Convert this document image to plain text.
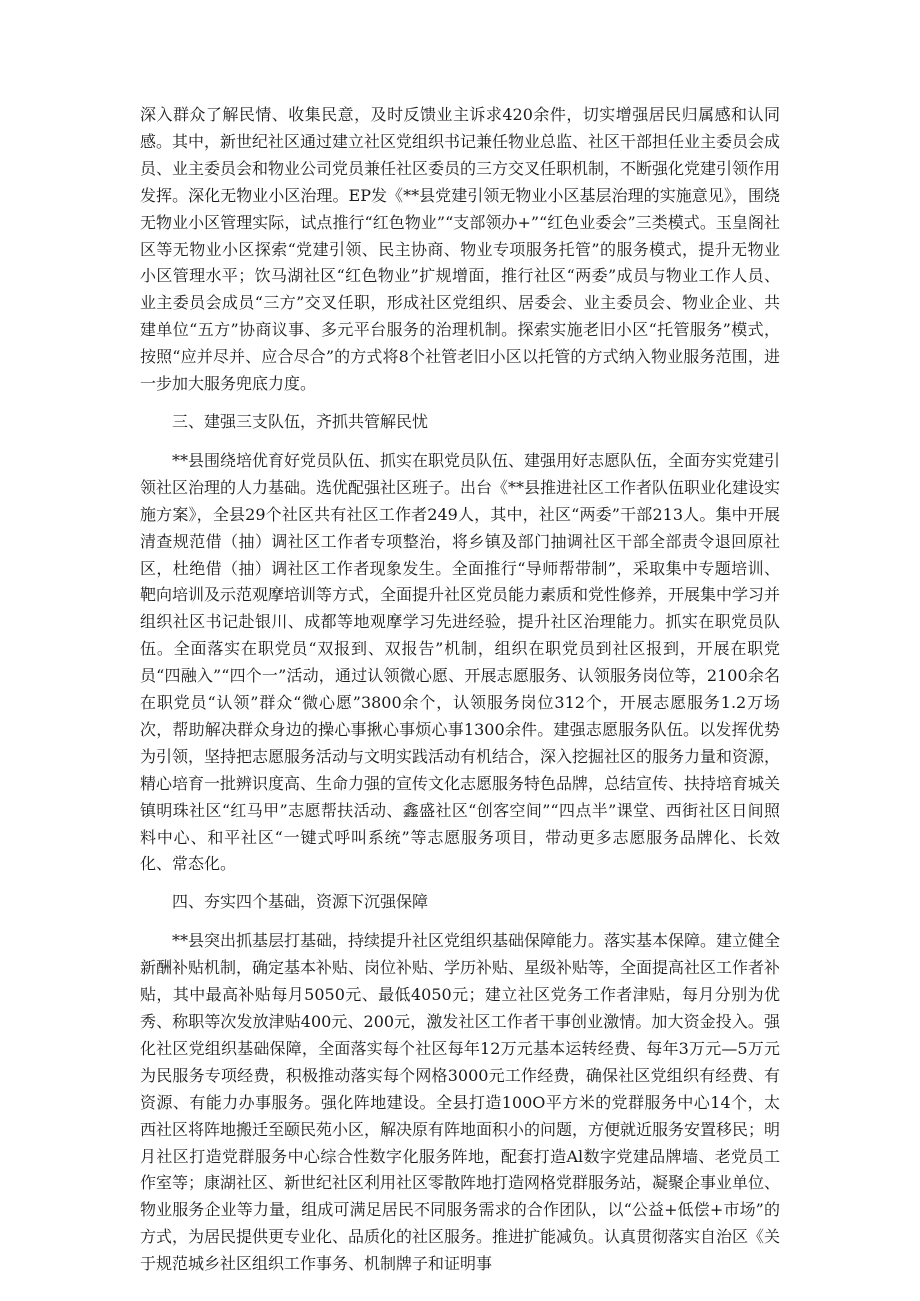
深入群众了解民情、收集民意，及时反馈业主诉求420余件，切实增强居民归属感和认同感。其中，新世纪社区通过建立社区党组织书记兼任物业总监、社区干部担任业主委员会成员、业主委员会和物业公司党员兼任社区委员的三方交叉任职机制，不断强化党建引领作用发挥。深化无物业小区治理。EP发《**县党建引领无物业小区基层治理的实施意见》，围绕无物业小区管理实际，试点推行“红色物业”“支部领办+”“红色业委会”三类模式。玉皇阁社区等无物业小区探索“党建引领、民主协商、物业专项服务托管”的服务模式，提升无物业小区管理水平；饮马湖社区“红色物业”扩规增面，推行社区“两委”成员与物业工作人员、业主委员会成员“三方”交叉任职，形成社区党组织、居委会、业主委员会、物业企业、共建单位“五方”协商议事、多元平台服务的治理机制。探索实施老旧小区“托管服务”模式，按照“应并尽并、应合尽合”的方式将8个社管老旧小区以托管的方式纳入物业服务范围，进一步加大服务兜底力度。

三、建强三支队伍，齐抓共管解民忧

**县围绕培优育好党员队伍、抓实在职党员队伍、建强用好志愿队伍，全面夯实党建引领社区治理的人力基础。选优配强社区班子。出台《**县推进社区工作者队伍职业化建设实施方案》，全县29个社区共有社区工作者249人，其中，社区“两委”干部213人。集中开展清查规范借（抽）调社区工作者专项整治，将乡镇及部门抽调社区干部全部责令退回原社区，杜绝借（抽）调社区工作者现象发生。全面推行“导师帮带制”，采取集中专题培训、靶向培训及示范观摩培训等方式，全面提升社区党员能力素质和党性修养，开展集中学习并组织社区书记赴银川、成都等地观摩学习先进经验，提升社区治理能力。抓实在职党员队伍。全面落实在职党员“双报到、双报告”机制，组织在职党员到社区报到，开展在职党员“四融入”“四个一”活动，通过认领微心愿、开展志愿服务、认领服务岗位等，2100余名在职党员“认领”群众“微心愿”3800余个，认领服务岗位312个，开展志愿服务1.2万场次，帮助解决群众身边的操心事揪心事烦心事1300余件。建强志愿服务队伍。以发挥优势为引领，坚持把志愿服务活动与文明实践活动有机结合，深入挖掘社区的服务力量和资源，精心培育一批辨识度高、生命力强的宣传文化志愿服务特色品牌，总结宣传、扶持培育城关镇明珠社区“红马甲”志愿帮扶活动、鑫盛社区“创客空间”“四点半”课堂、西街社区日间照料中心、和平社区“一键式呼叫系统”等志愿服务项目，带动更多志愿服务品牌化、长效化、常态化。

四、夯实四个基础，资源下沉强保障

**县突出抓基层打基础，持续提升社区党组织基础保障能力。落实基本保障。建立健全新酬补贴机制，确定基本补贴、岗位补贴、学历补贴、星级补贴等，全面提高社区工作者补贴，其中最高补贴每月5050元、最低4050元；建立社区党务工作者津贴，每月分别为优秀、称职等次发放津贴400元、200元，激发社区工作者干事创业激情。加大资金投入。强化社区党组织基础保障，全面落实每个社区每年12万元基本运转经费、每年3万元—5万元为民服务专项经费，积极推动落实每个网格3000元工作经费，确保社区党组织有经费、有资源、有能力办事服务。强化阵地建设。全县打造100O平方米的党群服务中心14个，太西社区将阵地搬迁至颐民苑小区，解决原有阵地面积小的问题，方便就近服务安置移民；明月社区打造党群服务中心综合性数字化服务阵地，配套打造Al数字党建品牌墙、老党员工作室等；康湖社区、新世纪社区利用社区零散阵地打造网格党群服务站，凝聚企事业单位、物业服务企业等力量，组成可满足居民不同服务需求的合作团队，以“公益+低偿+市场”的方式，为居民提供更专业化、品质化的社区服务。推进扩能减负。认真贯彻落实自治区《关于规范城乡社区组织工作事务、机制牌子和证明事
